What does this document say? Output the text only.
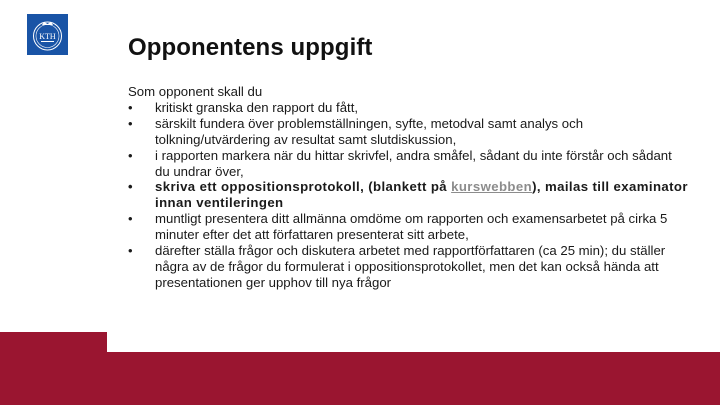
KTH	Opponentens uppgift

Som opponent skall du

• kritiskt granska den rapport du fått,
• särskilt fundera över problemställningen, syfte, metodval samt analys och tolkning/utvärdering av resultat samt slutdiskussion,
• i rapporten markera när du hittar skrivfel, andra småfel, sådant du inte förstår och sådant du undrar över,
• skriva ett oppositionsprotokoll, (blankett på kurswebben), mailas till examinator innan ventileringen
• muntligt presentera ditt allmänna omdöme om rapporten och examensarbetet på cirka 5 minuter efter det att författaren presenterat sitt arbete,
• därefter ställa frågor och diskutera arbetet med rapportförfattaren (ca 25 min); du ställer några av de frågor du formulerat i oppositionsprotokollet, men det kan också hända att presentationen ger upphov till nya frågor
